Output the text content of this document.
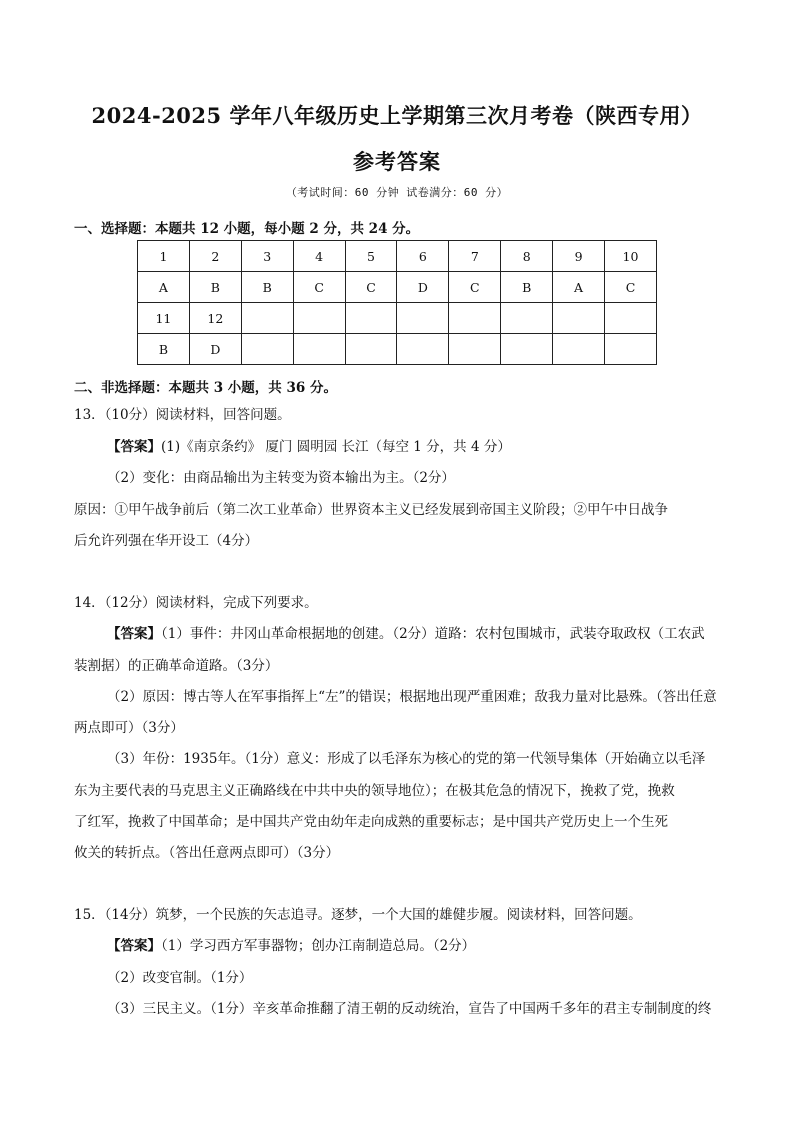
2024-2025 学年八年级历史上学期第三次月考卷（陕西专用）
参考答案
（考试时间：60 分钟 试卷满分：60 分）
一、选择题：本题共 12 小题，每小题 2 分，共 24 分。
1	2	3	4	5	6	7	8	9	10
A	B	B	C	C	D	C	B	A	C
11	12								
B	D								
二、非选择题：本题共 3 小题，共 36 分。
13．（10分）阅读材料，回答问题。
【答案】(1)《南京条约》 厦门 圆明园 长江（每空 1 分，共 4 分）
（2）变化：由商品输出为主转变为资本输出为主。（2分）
原因：①甲午战争前后（第二次工业革命）世界资本主义已经发展到帝国主义阶段；②甲午中日战争
后允许列强在华开设工（4分）
14．（12分）阅读材料，完成下列要求。
【答案】（1）事件：井冈山革命根据地的创建。（2分）道路：农村包围城市，武装夺取政权（工农武
装割据）的正确革命道路。（3分）
（2）原因：博古等人在军事指挥上“左”的错误；根据地出现严重困难；敌我力量对比悬殊。（答出任意
两点即可）（3分）
（3）年份：1935年。（1分）意义：形成了以毛泽东为核心的党的第一代领导集体（开始确立以毛泽
东为主要代表的马克思主义正确路线在中共中央的领导地位）；在极其危急的情况下，挽救了党，挽救
了红军，挽救了中国革命；是中国共产党由幼年走向成熟的重要标志；是中国共产党历史上一个生死
攸关的转折点。（答出任意两点即可）（3分）
15．（14分）筑梦，一个民族的矢志追寻。逐梦，一个大国的雄健步履。阅读材料，回答问题。
【答案】（1）学习西方军事器物；创办江南制造总局。（2分）
（2）改变官制。（1分）
（3）三民主义。（1分）辛亥革命推翻了清王朝的反动统治，宣告了中国两千多年的君主专制制度的终
